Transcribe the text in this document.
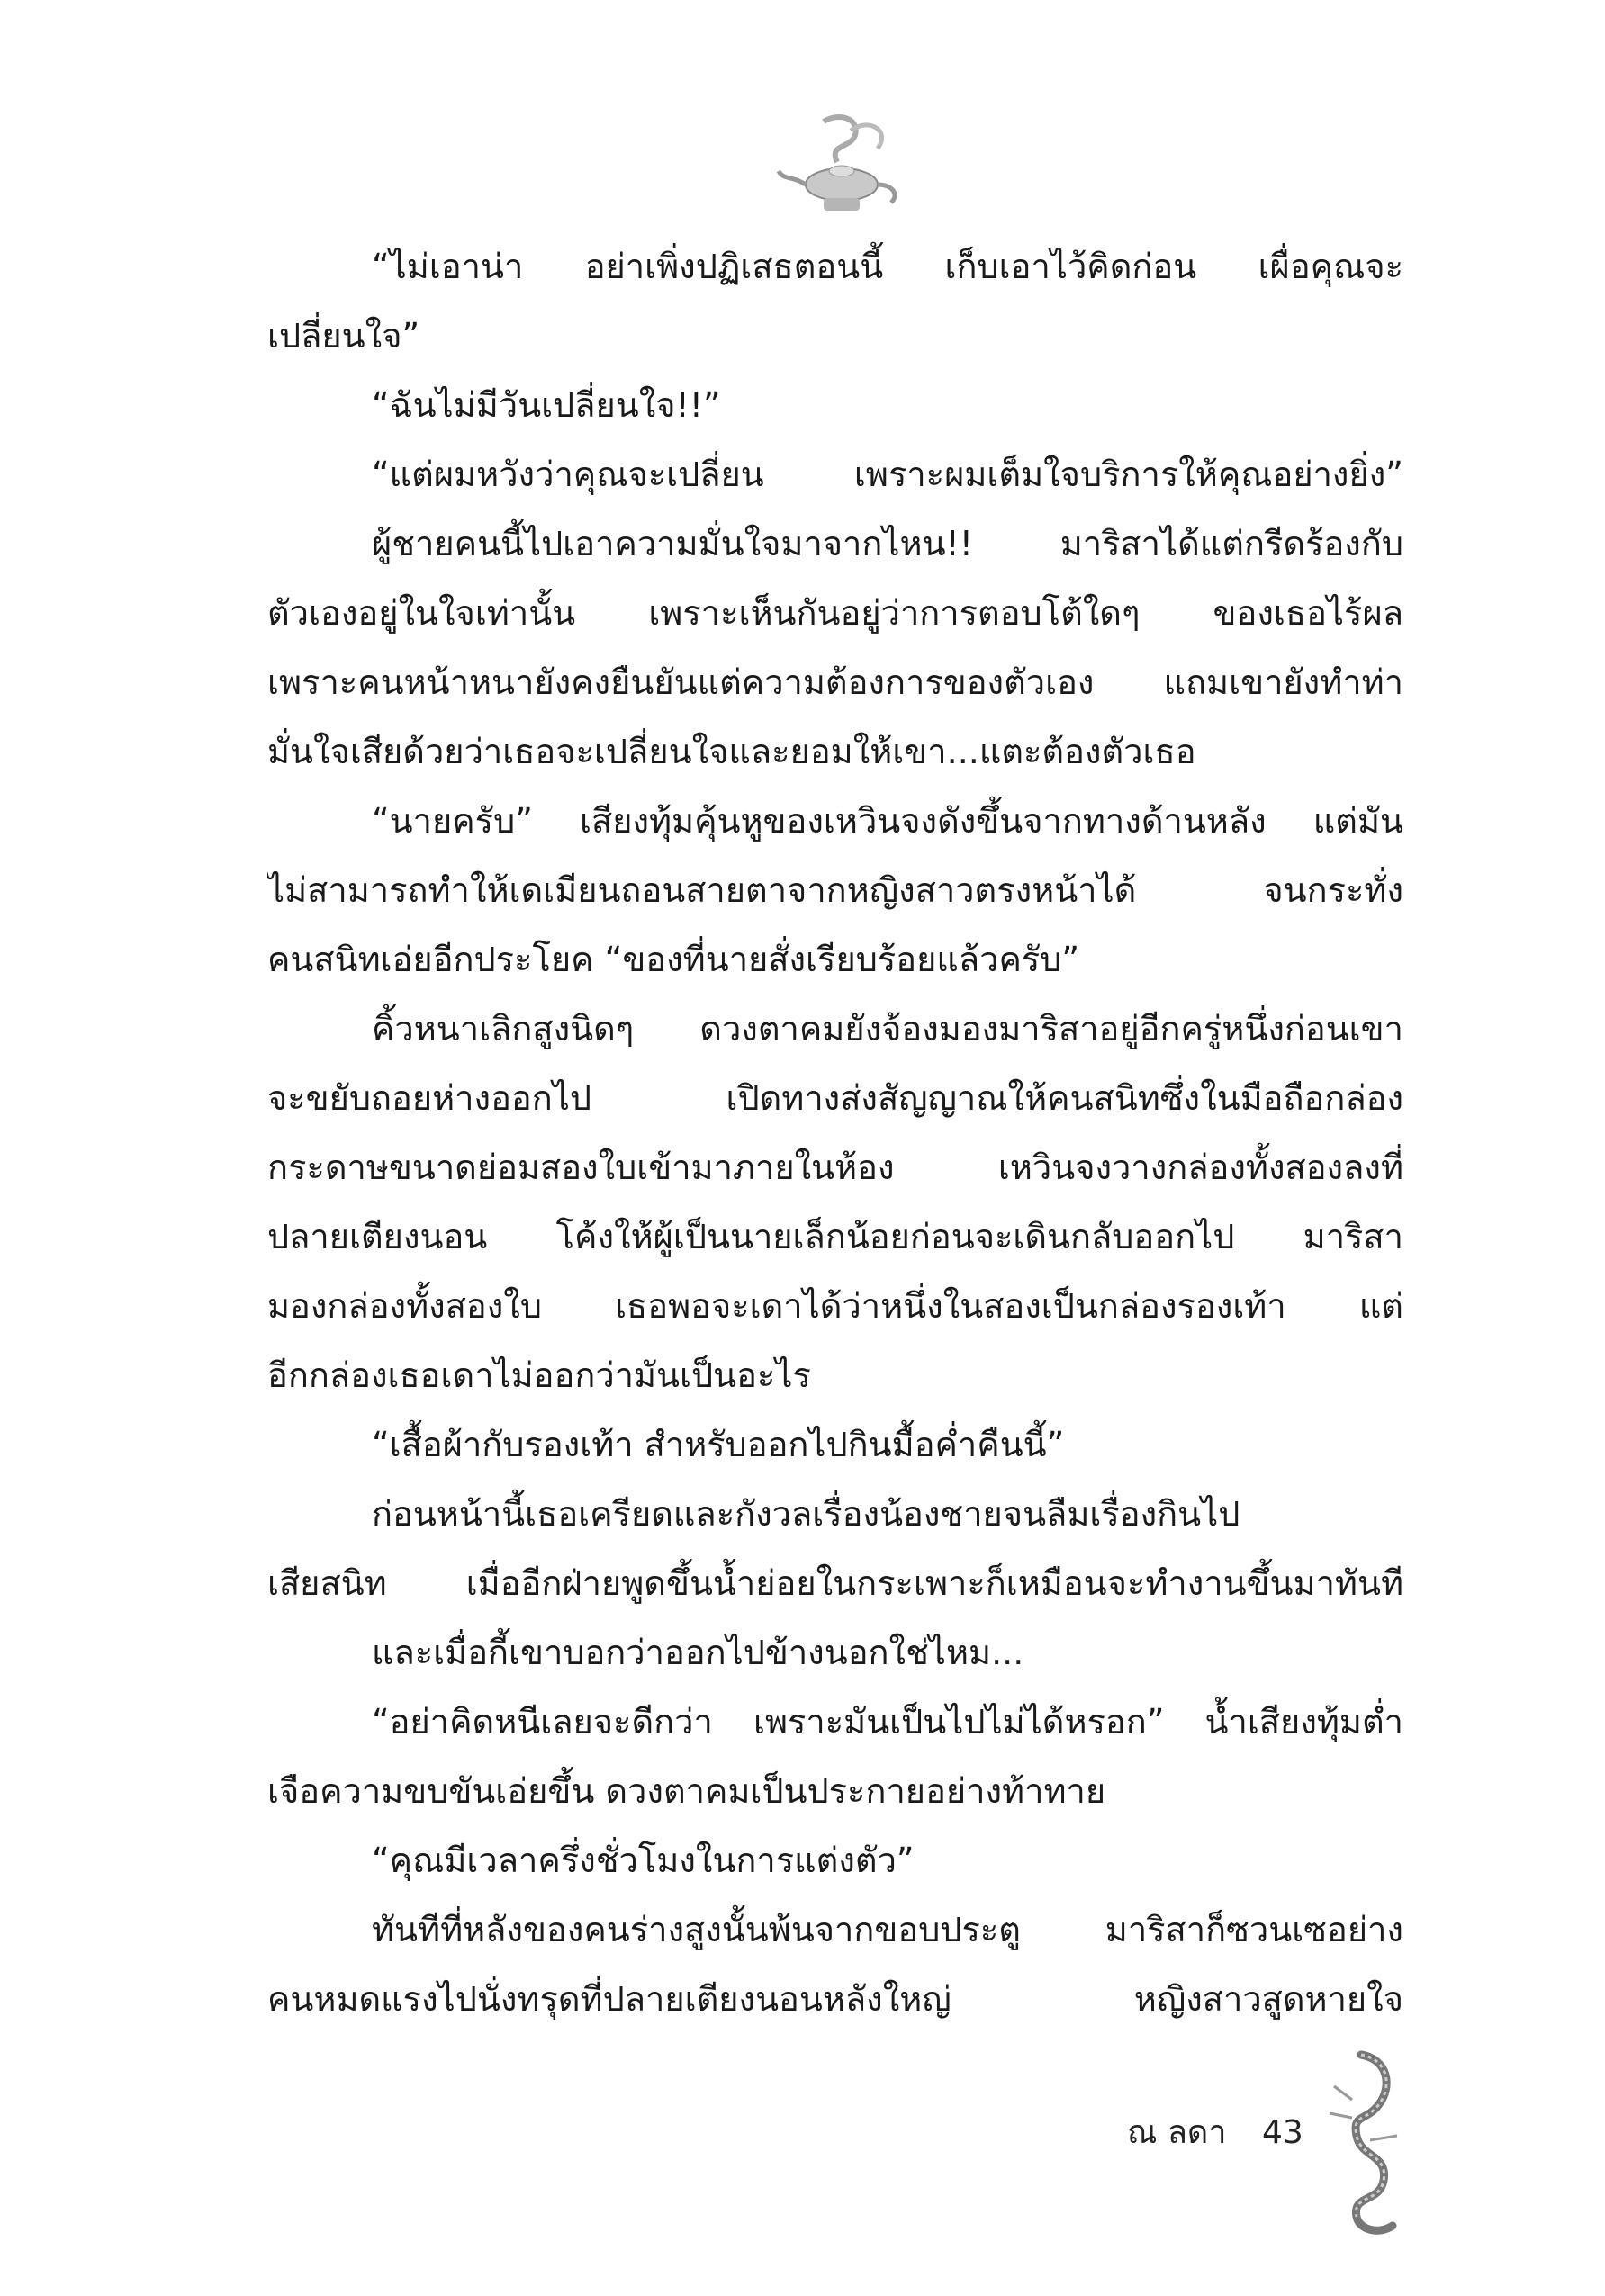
“ไม่เอาน่า อย่าเพิ่งปฏิเสธตอนนี้ เก็บเอาไว้คิดก่อน เผื่อคุณจะ
เปลี่ยนใจ”
“ฉันไม่มีวันเปลี่ยนใจ!!”
“แต่ผมหวังว่าคุณจะเปลี่ยน เพราะผมเต็มใจบริการให้คุณอย่างยิ่ง”
ผู้ชายคนนี้ไปเอาความมั่นใจมาจากไหน!! มาริสาได้แต่กรีดร้องกับ
ตัวเองอยู่ในใจเท่านั้น เพราะเห็นกันอยู่ว่าการตอบโต้ใดๆ ของเธอไร้ผล
เพราะคนหน้าหนายังคงยืนยันแต่ความต้องการของตัวเอง แถมเขายังทำท่า
มั่นใจเสียด้วยว่าเธอจะเปลี่ยนใจและยอมให้เขา...แตะต้องตัวเธอ
“นายครับ” เสียงทุ้มคุ้นหูของเหวินจงดังขึ้นจากทางด้านหลัง แต่มัน
ไม่สามารถทำให้เดเมียนถอนสายตาจากหญิงสาวตรงหน้าได้ จนกระทั่ง
คนสนิทเอ่ยอีกประโยค “ของที่นายสั่งเรียบร้อยแล้วครับ”
คิ้วหนาเลิกสูงนิดๆ ดวงตาคมยังจ้องมองมาริสาอยู่อีกครู่หนึ่งก่อนเขา
จะขยับถอยห่างออกไป เปิดทางส่งสัญญาณให้คนสนิทซึ่งในมือถือกล่อง
กระดาษขนาดย่อมสองใบเข้ามาภายในห้อง เหวินจงวางกล่องทั้งสองลงที่
ปลายเตียงนอน โค้งให้ผู้เป็นนายเล็กน้อยก่อนจะเดินกลับออกไป มาริสา
มองกล่องทั้งสองใบ เธอพอจะเดาได้ว่าหนึ่งในสองเป็นกล่องรองเท้า แต่
อีกกล่องเธอเดาไม่ออกว่ามันเป็นอะไร
“เสื้อผ้ากับรองเท้า สำหรับออกไปกินมื้อค่ำคืนนี้”
ก่อนหน้านี้เธอเครียดและกังวลเรื่องน้องชายจนลืมเรื่องกินไป
เสียสนิท เมื่ออีกฝ่ายพูดขึ้นน้ำย่อยในกระเพาะก็เหมือนจะทำงานขึ้นมาทันที
และเมื่อกี้เขาบอกว่าออกไปข้างนอกใช่ไหม...
“อย่าคิดหนีเลยจะดีกว่า เพราะมันเป็นไปไม่ได้หรอก” น้ำเสียงทุ้มต่ำ
เจือความขบขันเอ่ยขึ้น ดวงตาคมเป็นประกายอย่างท้าทาย
“คุณมีเวลาครึ่งชั่วโมงในการแต่งตัว”
ทันทีที่หลังของคนร่างสูงนั้นพ้นจากขอบประตู มาริสาก็ซวนเซอย่าง
คนหมดแรงไปนั่งทรุดที่ปลายเตียงนอนหลังใหญ่ หญิงสาวสูดหายใจ
ณ ลดา 43
